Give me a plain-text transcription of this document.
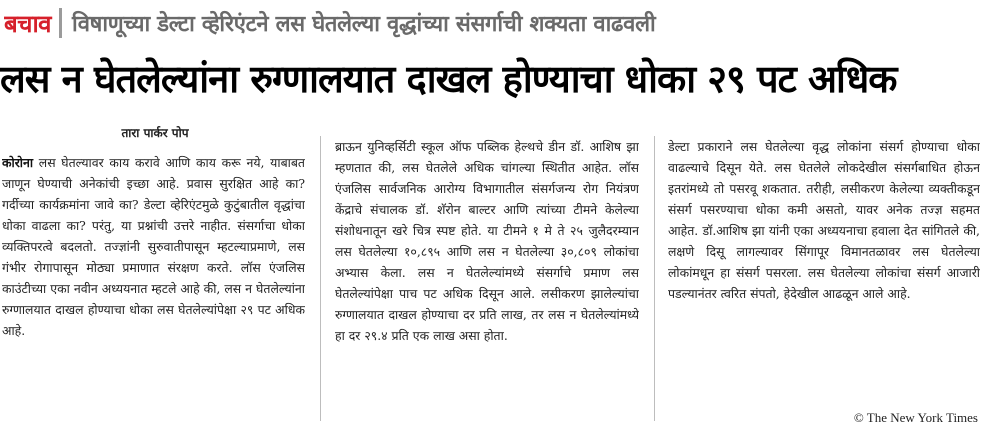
बचाव विषाणूच्या डेल्टा व्हेरिएंटने लस घेतलेल्या वृद्धांच्या संसर्गाची शक्यता वाढवली
लस न घेतलेल्यांना रुग्णालयात दाखल होण्याचा धोका २९ पट अधिक
तारा पार्कर पोप

कोरोना लस घेतल्यावर काय करावे आणि काय करू नये, याबाबत जाणून घेण्याची अनेकांची इच्छा आहे. प्रवास सुरक्षित आहे का? गर्दीच्या कार्यक्रमांना जावे का? डेल्टा व्हेरिएंटमुळे कुटुंबातील वृद्धांचा धोका वाढला का? परंतु, या प्रश्नांची उत्तरे नाहीत. संसर्गाचा धोका व्यक्तिपरत्वे बदलतो. तज्ज्ञांनी सुरुवातीपासून म्हटल्याप्रमाणे, लस गंभीर रोगापासून मोठ्या प्रमाणात संरक्षण करते. लॉस एंजलिस काउंटीच्या एका नवीन अध्ययनात म्हटले आहे की, लस न घेतलेल्यांना रुग्णालयात दाखल होण्याचा धोका लस घेतलेल्यांपेक्षा २९ पट अधिक आहे.

ब्राऊन युनिव्हर्सिटी स्कूल ऑफ पब्लिक हेल्थचे डीन डॉ. आशिष झा म्हणतात की, लस घेतलेले अधिक चांगल्या स्थितीत आहेत. लॉस एंजलिस सार्वजनिक आरोग्य विभागातील संसर्गजन्य रोग नियंत्रण केंद्राचे संचालक डॉ. शॅरोन बाल्टर आणि त्यांच्या टीमने केलेल्या संशोधनातून खरे चित्र स्पष्ट होते. या टीमने १ मे ते २५ जुलैदरम्यान लस घेतलेल्या १०,८९५ आणि लस न घेतलेल्या ३०,८०९ लोकांचा अभ्यास केला. लस न घेतलेल्यांमध्ये संसर्गाचे प्रमाण लस घेतलेल्यांपेक्षा पाच पट अधिक दिसून आले. लसीकरण झालेल्यांचा रुग्णालयात दाखल होण्याचा दर प्रति लाख, तर लस न घेतलेल्यांमध्ये हा दर २९.४ प्रति एक लाख असा होता.

डेल्टा प्रकाराने लस घेतलेल्या वृद्ध लोकांना संसर्ग होण्याचा धोका वाढल्याचे दिसून येते. लस घेतलेले लोकदेखील संसर्गबाधित होऊन इतरांमध्ये तो पसरवू शकतात. तरीही, लसीकरण केलेल्या व्यक्तीकडून संसर्ग पसरण्याचा धोका कमी असतो, यावर अनेक तज्ज्ञ सहमत आहेत. डॉ.आशिष झा यांनी एका अध्ययनाचा हवाला देत सांगितले की, लक्षणे दिसू लागल्यावर सिंगापूर विमानतळावर लस घेतलेल्या लोकांमधून हा संसर्ग पसरला. लस घेतलेल्या लोकांचा संसर्ग आजारी पडल्यानंतर त्वरित संपतो, हेदेखील आढळून आले आहे.

© The New York Times
